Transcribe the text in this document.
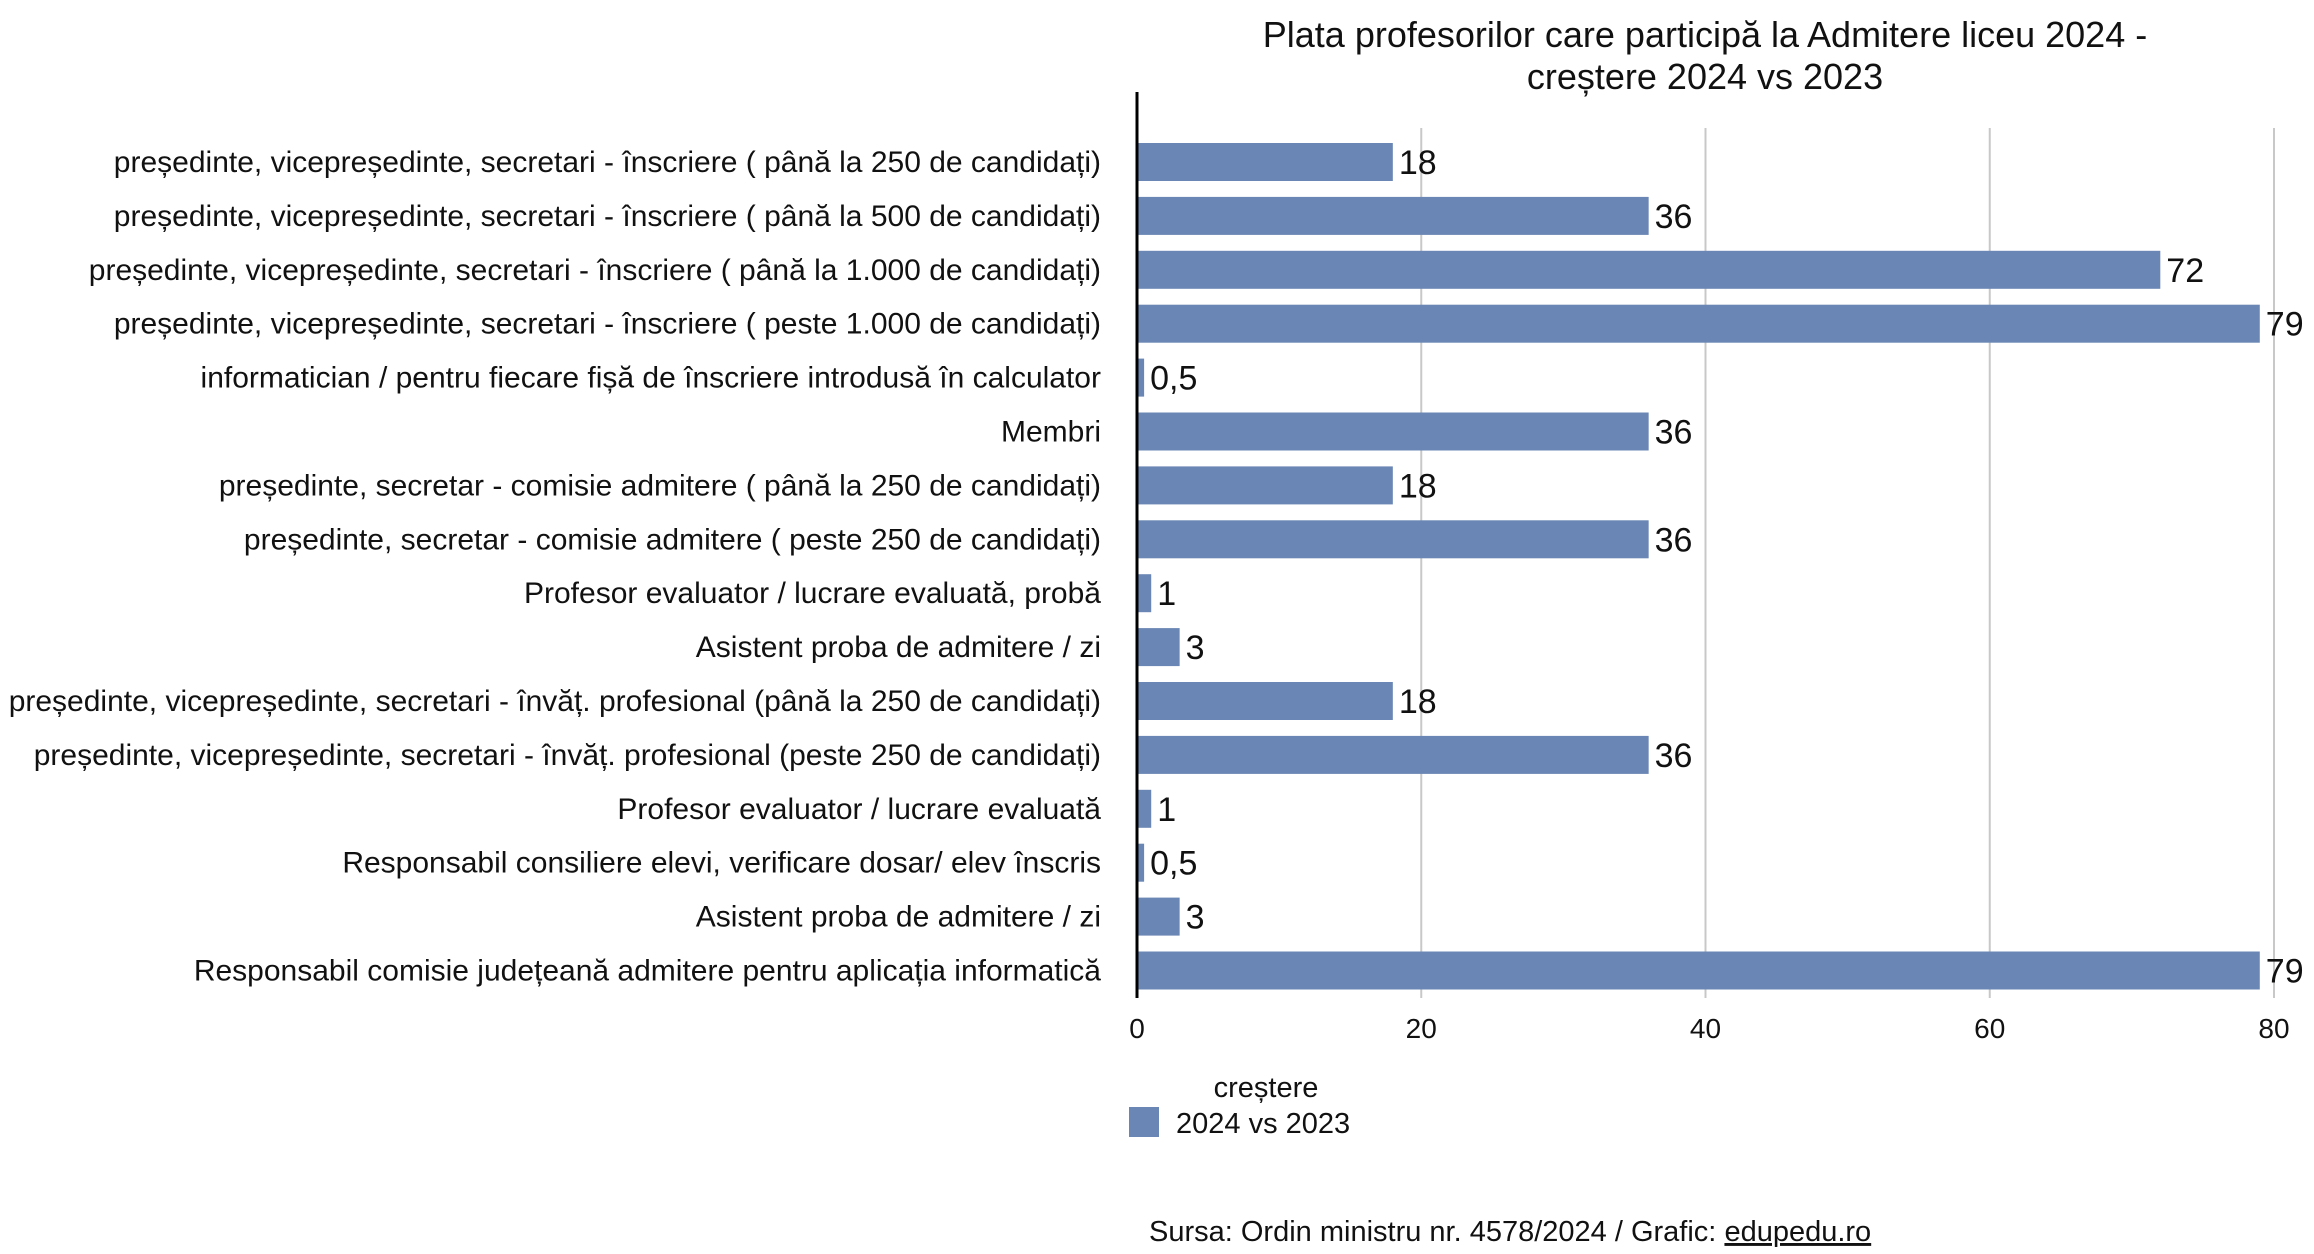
Plata profesorilor care participă la Admitere liceu 2024 -
creștere 2024 vs 2023
18
36
72
79
0,5
36
18
36
1
3
18
36
1
0,5
3
79
președinte, vicepreședinte, secretari - înscriere ( până la 250 de candidați)
președinte, vicepreședinte, secretari - înscriere ( până la 500 de candidați)
președinte, vicepreședinte, secretari - înscriere ( până la 1.000 de candidați)
președinte, vicepreședinte, secretari - înscriere ( peste 1.000 de candidați)
informatician / pentru fiecare fișă de înscriere introdusă în calculator
Membri
președinte, secretar - comisie admitere ( până la 250 de candidați)
președinte, secretar - comisie admitere ( peste 250 de candidați)
Profesor evaluator / lucrare evaluată, probă
Asistent proba de admitere / zi
președinte, vicepreședinte, secretari - învăț. profesional (până la 250 de candidați)
președinte, vicepreședinte, secretari - învăț. profesional (peste 250 de candidați)
Profesor evaluator / lucrare evaluată
Responsabil consiliere elevi, verificare dosar/ elev înscris
Asistent proba de admitere / zi
Responsabil comisie județeană admitere pentru aplicația informatică
0	20	40	60	80
creștere
2024 vs 2023
Sursa: Ordin ministru nr. 4578/2024 / Grafic: edupedu.ro
